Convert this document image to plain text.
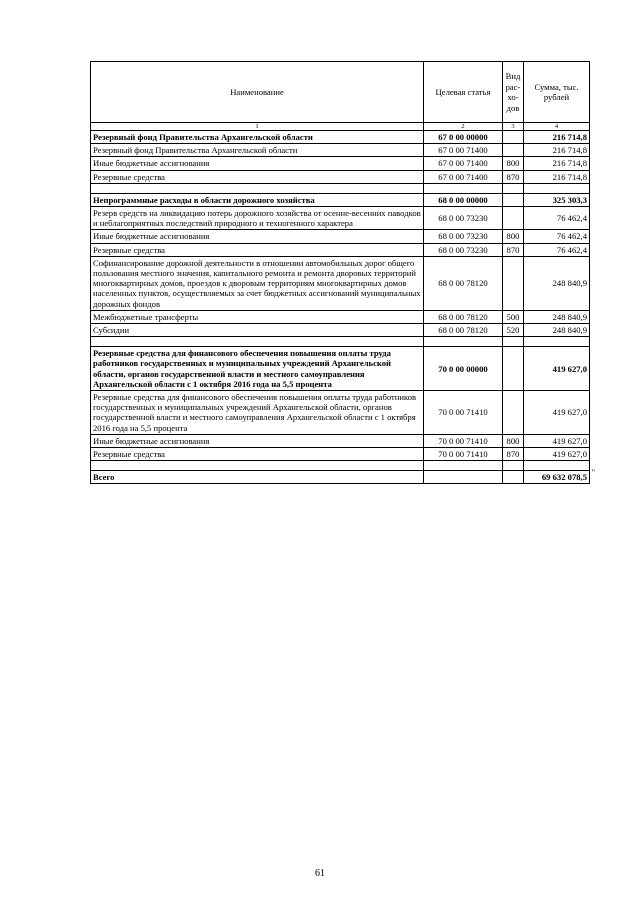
Наименование	Целевая статья	Вид рас-
хо-
дов	Сумма, тыс. рублей
1	2	3	4
Резервный фонд Правительства Архангельской области	67 0 00 00000		216 714,8
Резервный фонд Правительства Архангельской области	67 0 00 71400		216 714,8
Иные бюджетные ассигнования	67 0 00 71400	800	216 714,8
Резервные средства	67 0 00 71400	870	216 714,8

Непрограммные расходы в области дорожного хозяйства	68 0 00 00000		325 303,3
Резерв средств на ликвидацию потерь дорожного хозяйства от осенне-весенних паводков и неблагоприятных последствий природного и техногенного характера	68 0 00 73230		76 462,4
Иные бюджетные ассигнования	68 0 00 73230	800	76 462,4
Резервные средства	68 0 00 73230	870	76 462,4
Софинансирование дорожной деятельности в отношении автомобильных дорог общего пользования местного значения, капитального ремонта и ремонта дворовых территорий многоквартирных домов, проездов к дворовым территориям многоквартирных домов населенных пунктов, осуществляемых за счет бюджетных ассигнований муниципальных дорожных фондов	68 0 00 78120		248 840,9
Межбюджетные трансферты	68 0 00 78120	500	248 840,9
Субсидии	68 0 00 78120	520	248 840,9

Резервные средства для финансового обеспечения повышения оплаты труда работников государственных и муниципальных учреждений Архангельской области, органов государственной власти и местного самоуправления Архангельской области с 1 октября 2016 года на 5,5 процента	70 0 00 00000		419 627,0
Резервные средства для финансового обеспечения повышения оплаты труда работников государственных и муниципальных учреждений Архангельской области, органов государственной власти и местного самоуправления Архангельской области с 1 октября 2016 года на 5,5 процента	70 0 00 71410		419 627,0
Иные бюджетные ассигнования	70 0 00 71410	800	419 627,0
Резервные средства	70 0 00 71410	870	419 627,0

Всего			69 632 078,5 "
61
